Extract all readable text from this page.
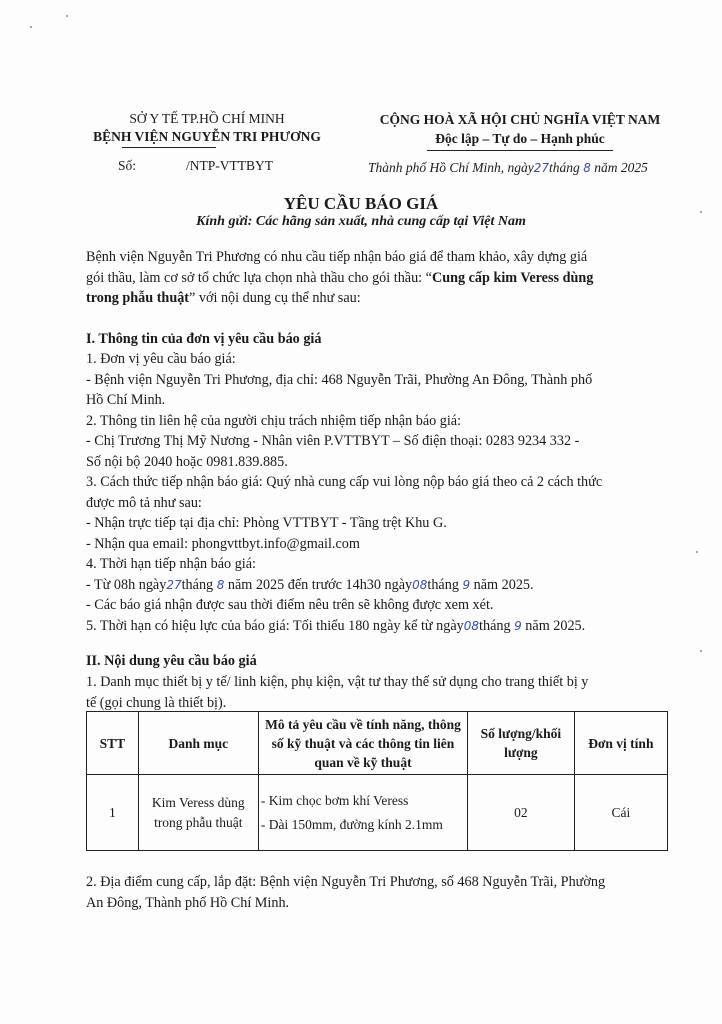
SỞ Y TẾ TP.HỒ CHÍ MINH
BỆNH VIỆN NGUYỄN TRI PHƯƠNG
Số:	/NTP-VTTBYT
CỘNG HOÀ XÃ HỘI CHỦ NGHĨA VIỆT NAM
Độc lập – Tự do – Hạnh phúc
Thành phố Hồ Chí Minh, ngày27tháng 8 năm 2025
YÊU CẦU BÁO GIÁ
Kính gửi: Các hãng sản xuất, nhà cung cấp tại Việt Nam
Bệnh viện Nguyễn Tri Phương có nhu cầu tiếp nhận báo giá để tham khảo, xây dựng giá
gói thầu, làm cơ sở tổ chức lựa chọn nhà thầu cho gói thầu: “Cung cấp kim Veress dùng
trong phẫu thuật” với nội dung cụ thể như sau:
I. Thông tin của đơn vị yêu cầu báo giá
1. Đơn vị yêu cầu báo giá:
- Bệnh viện Nguyễn Tri Phương, địa chỉ: 468 Nguyễn Trãi, Phường An Đông, Thành phố
Hồ Chí Minh.
2. Thông tin liên hệ của người chịu trách nhiệm tiếp nhận báo giá:
- Chị Trương Thị Mỹ Nương - Nhân viên P.VTTBYT – Số điện thoại: 0283 9234 332 -
Số nội bộ 2040 hoặc 0981.839.885.
3. Cách thức tiếp nhận báo giá: Quý nhà cung cấp vui lòng nộp báo giá theo cả 2 cách thức
được mô tả như sau:
- Nhận trực tiếp tại địa chỉ: Phòng VTTBYT - Tầng trệt Khu G.
- Nhận qua email: phongvttbyt.info@gmail.com
4. Thời hạn tiếp nhận báo giá:
- Từ 08h ngày27tháng 8 năm 2025 đến trước 14h30 ngày08tháng 9 năm 2025.
- Các báo giá nhận được sau thời điểm nêu trên sẽ không được xem xét.
5. Thời hạn có hiệu lực của báo giá: Tối thiểu 180 ngày kể từ ngày08tháng 9 năm 2025.
II. Nội dung yêu cầu báo giá
1. Danh mục thiết bị y tế/ linh kiện, phụ kiện, vật tư thay thế sử dụng cho trang thiết bị y
tế (gọi chung là thiết bị).
STT	Danh mục	Mô tả yêu cầu về tính năng, thông số kỹ thuật và các thông tin liên quan về kỹ thuật	Số lượng/khối lượng	Đơn vị tính
1	Kim Veress dùng trong phẫu thuật	- Kim chọc bơm khí Veress
- Dài 150mm, đường kính 2.1mm	02	Cái
2. Địa điểm cung cấp, lắp đặt: Bệnh viện Nguyễn Tri Phương, số 468 Nguyễn Trãi, Phường
An Đông, Thành phố Hồ Chí Minh.
